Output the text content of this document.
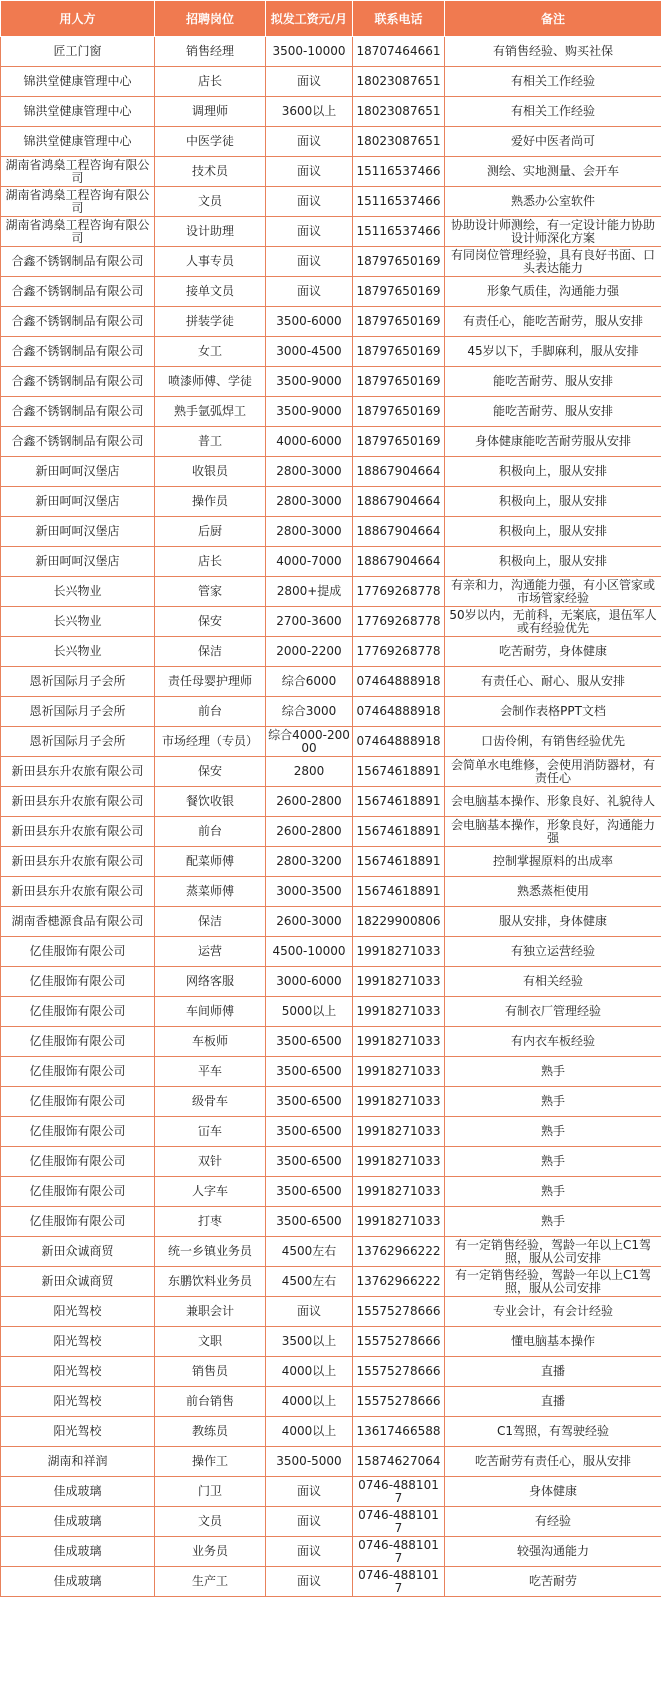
用人方	招聘岗位	拟发工资元/月	联系电话	备注
匠工门窗	销售经理	3500-10000	18707464661	有销售经验、购买社保
锦洪堂健康管理中心	店长	面议	18023087651	有相关工作经验
锦洪堂健康管理中心	调理师	3600以上	18023087651	有相关工作经验
锦洪堂健康管理中心	中医学徒	面议	18023087651	爱好中医者尚可
湖南省鸿燊工程咨询有限公司	技术员	面议	15116537466	测绘、实地测量、会开车
湖南省鸿燊工程咨询有限公司	文员	面议	15116537466	熟悉办公室软件
湖南省鸿燊工程咨询有限公司	设计助理	面议	15116537466	协助设计师测绘，有一定设计能力协助设计师深化方案
合鑫不锈钢制品有限公司	人事专员	面议	18797650169	有同岗位管理经验，具有良好书面、口头表达能力
合鑫不锈钢制品有限公司	接单文员	面议	18797650169	形象气质佳，沟通能力强
合鑫不锈钢制品有限公司	拼装学徒	3500-6000	18797650169	有责任心，能吃苦耐劳，服从安排
合鑫不锈钢制品有限公司	女工	3000-4500	18797650169	45岁以下，手脚麻利，服从安排
合鑫不锈钢制品有限公司	喷漆师傅、学徒	3500-9000	18797650169	能吃苦耐劳、服从安排
合鑫不锈钢制品有限公司	熟手氩弧焊工	3500-9000	18797650169	能吃苦耐劳、服从安排
合鑫不锈钢制品有限公司	普工	4000-6000	18797650169	身体健康能吃苦耐劳服从安排
新田呵呵汉堡店	收银员	2800-3000	18867904664	积极向上，服从安排
新田呵呵汉堡店	操作员	2800-3000	18867904664	积极向上，服从安排
新田呵呵汉堡店	后厨	2800-3000	18867904664	积极向上，服从安排
新田呵呵汉堡店	店长	4000-7000	18867904664	积极向上，服从安排
长兴物业	管家	2800+提成	17769268778	有亲和力，沟通能力强，有小区管家或市场管家经验
长兴物业	保安	2700-3600	17769268778	50岁以内，无前科，无案底，退伍军人或有经验优先
长兴物业	保洁	2000-2200	17769268778	吃苦耐劳，身体健康
恩祈国际月子会所	责任母婴护理师	综合6000	07464888918	有责任心、耐心、服从安排
恩祈国际月子会所	前台	综合3000	07464888918	会制作表格PPT文档
恩祈国际月子会所	市场经理（专员）	综合4000-20000	07464888918	口齿伶俐，有销售经验优先
新田县东升农旅有限公司	保安	2800	15674618891	会简单水电维修，会使用消防器材，有责任心
新田县东升农旅有限公司	餐饮收银	2600-2800	15674618891	会电脑基本操作、形象良好、礼貌待人
新田县东升农旅有限公司	前台	2600-2800	15674618891	会电脑基本操作，形象良好，沟通能力强
新田县东升农旅有限公司	配菜师傅	2800-3200	15674618891	控制掌握原料的出成率
新田县东升农旅有限公司	蒸菜师傅	3000-3500	15674618891	熟悉蒸柜使用
湖南香槵源食品有限公司	保洁	2600-3000	18229900806	服从安排，身体健康
亿佳服饰有限公司	运营	4500-10000	19918271033	有独立运营经验
亿佳服饰有限公司	网络客服	3000-6000	19918271033	有相关经验
亿佳服饰有限公司	车间师傅	5000以上	19918271033	有制衣厂管理经验
亿佳服饰有限公司	车板师	3500-6500	19918271033	有内衣车板经验
亿佳服饰有限公司	平车	3500-6500	19918271033	熟手
亿佳服饰有限公司	级骨车	3500-6500	19918271033	熟手
亿佳服饰有限公司	冚车	3500-6500	19918271033	熟手
亿佳服饰有限公司	双针	3500-6500	19918271033	熟手
亿佳服饰有限公司	人字车	3500-6500	19918271033	熟手
亿佳服饰有限公司	打枣	3500-6500	19918271033	熟手
新田众诚商贸	统一乡镇业务员	4500左右	13762966222	有一定销售经验，驾龄一年以上C1驾照，服从公司安排
新田众诚商贸	东鹏饮料业务员	4500左右	13762966222	有一定销售经验，驾龄一年以上C1驾照，服从公司安排
阳光驾校	兼职会计	面议	15575278666	专业会计，有会计经验
阳光驾校	文职	3500以上	15575278666	懂电脑基本操作
阳光驾校	销售员	4000以上	15575278666	直播
阳光驾校	前台销售	4000以上	15575278666	直播
阳光驾校	教练员	4000以上	13617466588	C1驾照，有驾驶经验
湖南和祥润	操作工	3500-5000	15874627064	吃苦耐劳有责任心，服从安排
佳成玻璃	门卫	面议	0746-4881017	身体健康
佳成玻璃	文员	面议	0746-4881017	有经验
佳成玻璃	业务员	面议	0746-4881017	较强沟通能力
佳成玻璃	生产工	面议	0746-4881017	吃苦耐劳
